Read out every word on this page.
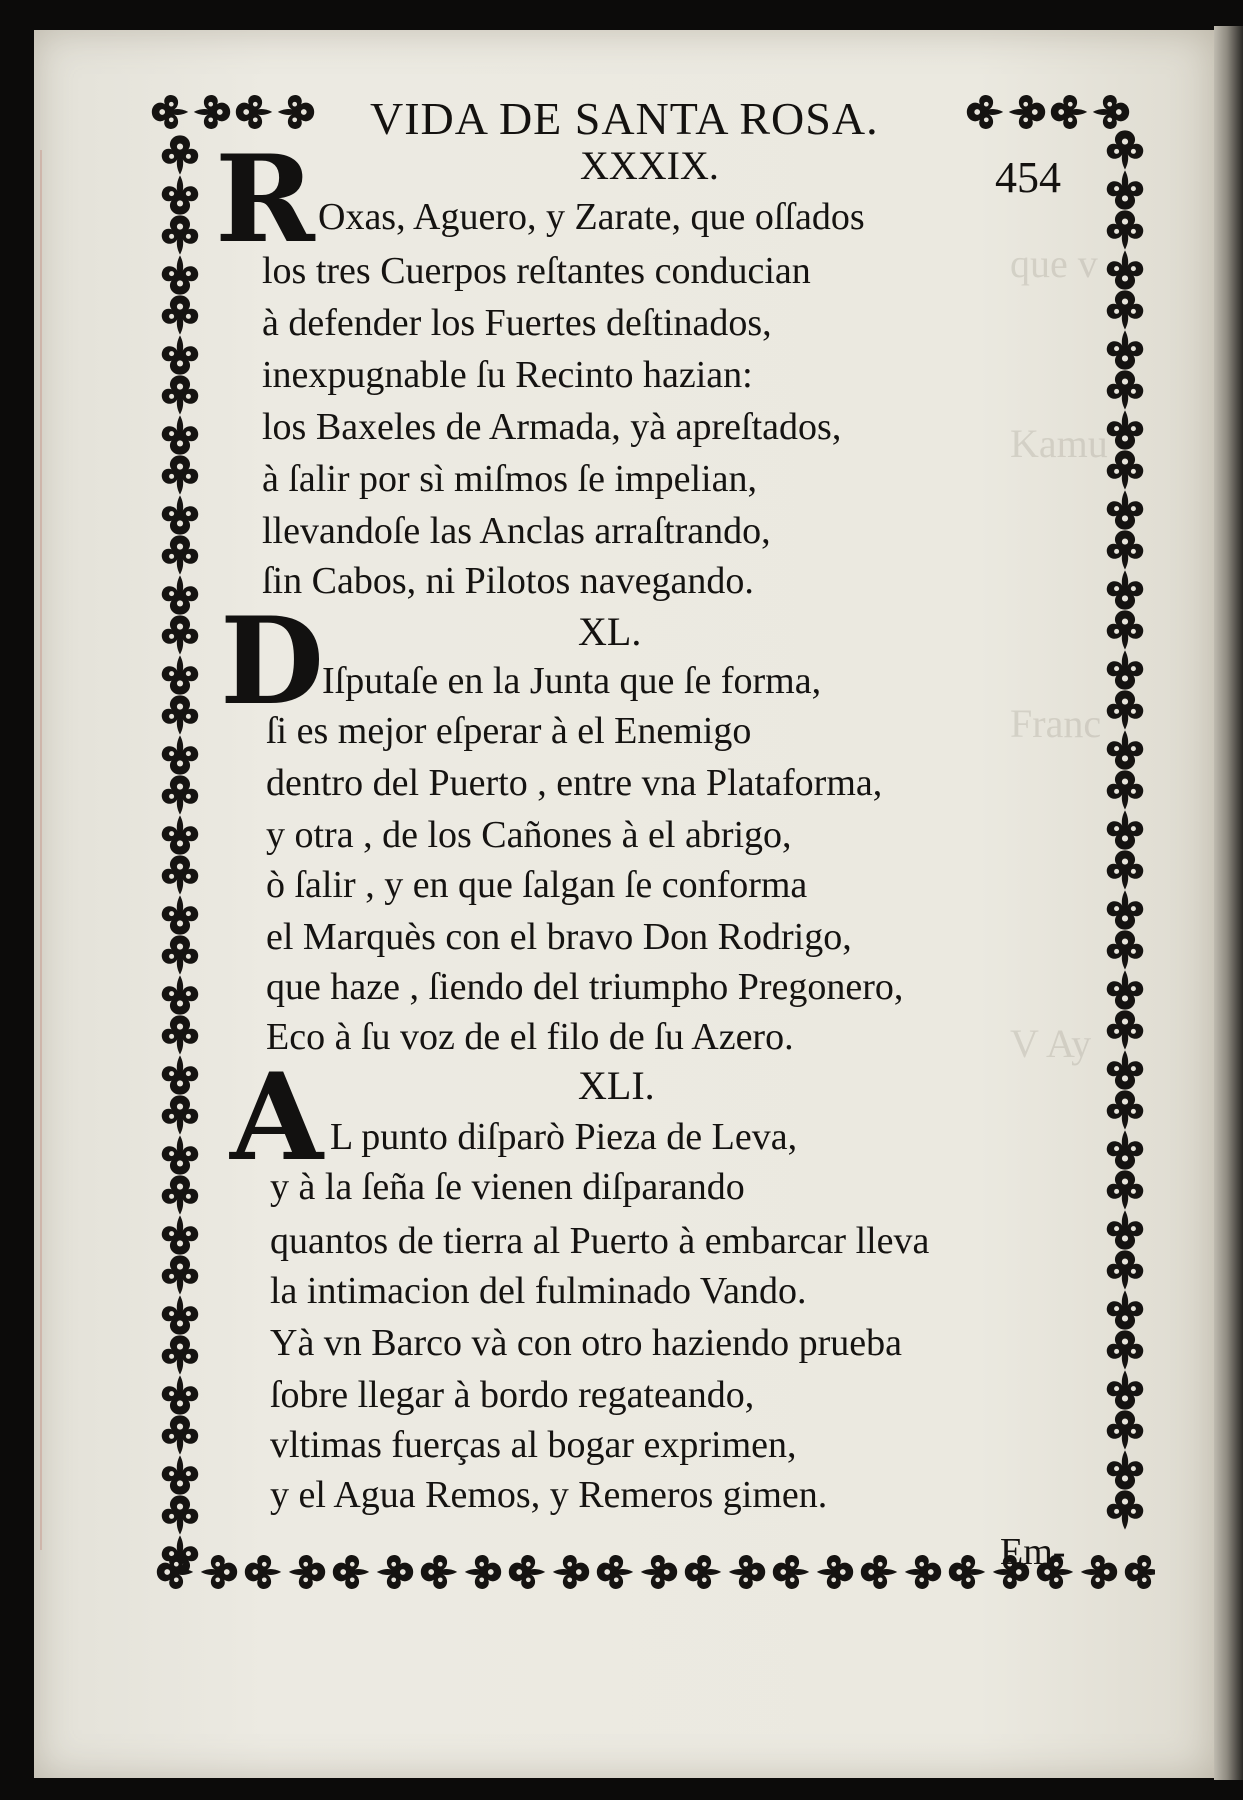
que v
Kamu
Franc
V Ay
VIDA DE SANTA ROSA.
454
XXXIX.
R Oxas, Aguero, y Zarate, que oſſados
los tres Cuerpos reſtantes conducian
à defender los Fuertes deſtinados,
inexpugnable ſu Recinto hazian:
los Baxeles de Armada, yà apreſtados,
à ſalir por sì miſmos ſe impelian,
llevandoſe las Anclas arraſtrando,
ſin Cabos, ni Pilotos navegando.
XL.
D
Iſputaſe en la Junta que ſe forma,
ſi es mejor eſperar à el Enemigo
dentro del Puerto , entre vna Plataforma,
y otra , de los Cañones à el abrigo,
ò ſalir , y en que ſalgan ſe conforma
el Marquès con el bravo Don Rodrigo,
que haze , ſiendo del triumpho Pregonero,
Eco à ſu voz de el filo de ſu Azero.
XLI.
A L punto diſparò Pieza de Leva,
y à la ſeña ſe vienen diſparando
quantos de tierra al Puerto à embarcar lleva
la intimacion del fulminado Vando.
Yà vn Barco và con otro haziendo prueba
ſobre llegar à bordo regateando,
vltimas fuerças al bogar exprimen,
y el Agua Remos, y Remeros gimen.
Em-
